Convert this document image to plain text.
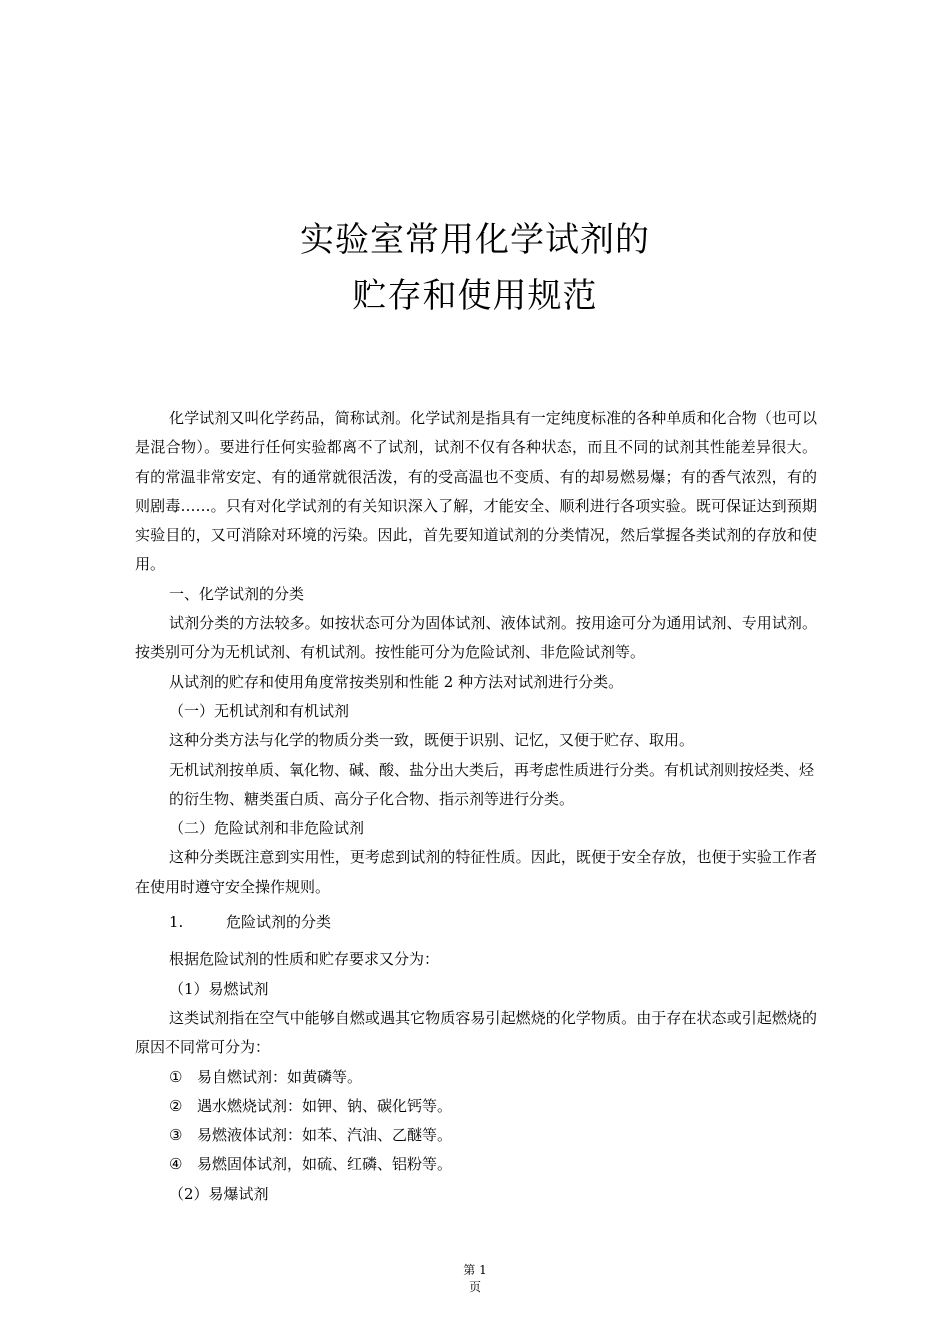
实验室常用化学试剂的
贮存和使用规范

化学试剂又叫化学药品，简称试剂。化学试剂是指具有一定纯度标准的各种单质和化合物（也可以是混合物）。要进行任何实验都离不了试剂，试剂不仅有各种状态，而且不同的试剂其性能差异很大。有的常温非常安定、有的通常就很活泼，有的受高温也不变质、有的却易燃易爆；有的香气浓烈，有的则剧毒……。只有对化学试剂的有关知识深入了解，才能安全、顺利进行各项实验。既可保证达到预期实验目的，又可消除对环境的污染。因此，首先要知道试剂的分类情况，然后掌握各类试剂的存放和使用。

一、化学试剂的分类

试剂分类的方法较多。如按状态可分为固体试剂、液体试剂。按用途可分为通用试剂、专用试剂。按类别可分为无机试剂、有机试剂。按性能可分为危险试剂、非危险试剂等。

从试剂的贮存和使用角度常按类别和性能 2 种方法对试剂进行分类。

（一）无机试剂和有机试剂

这种分类方法与化学的物质分类一致，既便于识别、记忆，又便于贮存、取用。

无机试剂按单质、氧化物、碱、酸、盐分出大类后，再考虑性质进行分类。有机试剂则按烃类、烃的衍生物、糖类蛋白质、高分子化合物、指示剂等进行分类。

（二）危险试剂和非危险试剂

这种分类既注意到实用性，更考虑到试剂的特征性质。因此，既便于安全存放，也便于实验工作者在使用时遵守安全操作规则。

1.	危险试剂的分类

根据危险试剂的性质和贮存要求又分为：

（1）易燃试剂

这类试剂指在空气中能够自燃或遇其它物质容易引起燃烧的化学物质。由于存在状态或引起燃烧的原因不同常可分为：

① 易自燃试剂：如黄磷等。

② 遇水燃烧试剂：如钾、钠、碳化钙等。

③ 易燃液体试剂：如苯、汽油、乙醚等。

④ 易燃固体试剂，如硫、红磷、铝粉等。

（2）易爆试剂

第 1
页
